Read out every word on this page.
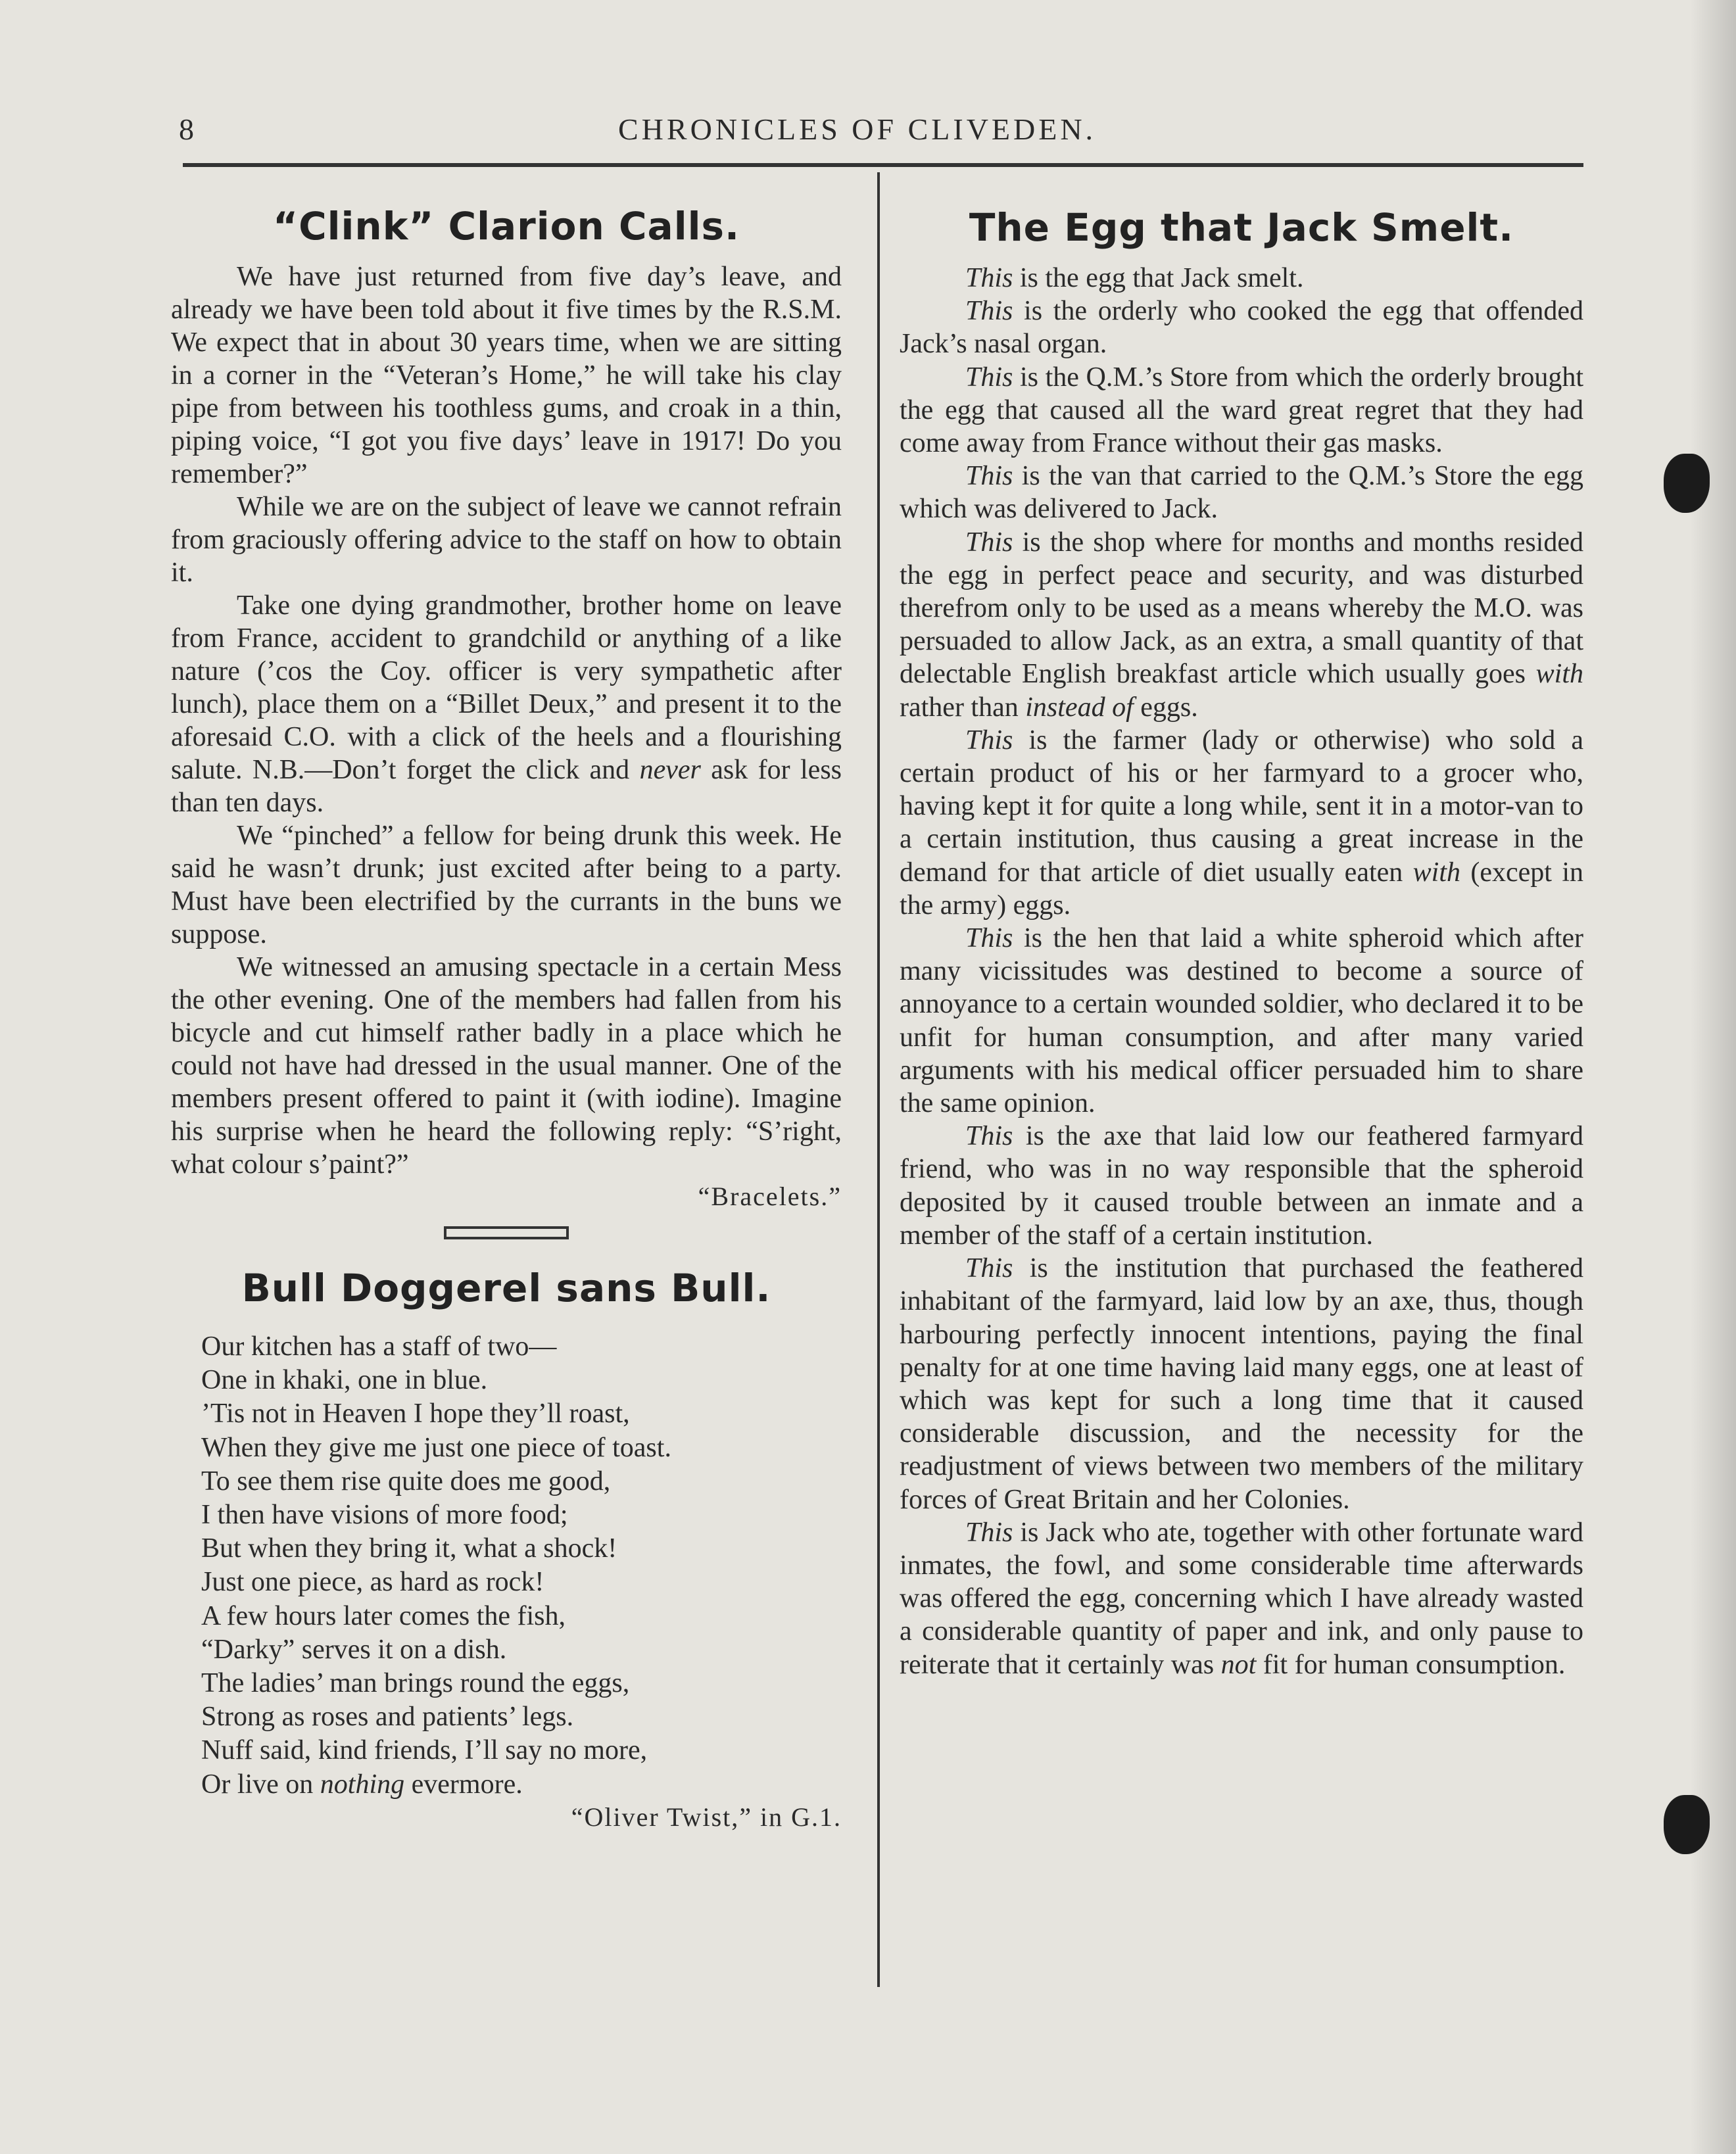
8	CHRONICLES OF CLIVEDEN.
“Clink” Clarion Calls.

We have just returned from five day’s leave, and already we have been told about it five times by the R.S.M. We expect that in about 30 years time, when we are sitting in a corner in the “Veteran’s Home,” he will take his clay pipe from between his toothless gums, and croak in a thin, piping voice, “I got you five days’ leave in 1917! Do you remember?”

While we are on the subject of leave we cannot refrain from graciously offering advice to the staff on how to obtain it.

Take one dying grandmother, brother home on leave from France, accident to grandchild or anything of a like nature (’cos the Coy. officer is very sympathetic after lunch), place them on a “Billet Deux,” and present it to the aforesaid C.O. with a click of the heels and a flourishing salute. N.B.—Don’t forget the click and never ask for less than ten days.

We “pinched” a fellow for being drunk this week. He said he wasn’t drunk; just excited after being to a party. Must have been electrified by the currants in the buns we suppose.

We witnessed an amusing spectacle in a certain Mess the other evening. One of the members had fallen from his bicycle and cut himself rather badly in a place which he could not have had dressed in the usual manner. One of the members present offered to paint it (with iodine). Imagine his surprise when he heard the following reply: “S’right, what colour s’paint?”

“Bracelets.”
Bull Doggerel sans Bull.
Our kitchen has a staff of two—
One in khaki, one in blue.
’Tis not in Heaven I hope they’ll roast,
When they give me just one piece of toast.
To see them rise quite does me good,
I then have visions of more food;
But when they bring it, what a shock!
Just one piece, as hard as rock!
A few hours later comes the fish,
“Darky” serves it on a dish.
The ladies’ man brings round the eggs,
Strong as roses and patients’ legs.
Nuff said, kind friends, I’ll say no more,
Or live on nothing evermore.
“Oliver Twist,” in G.1.
The Egg that Jack Smelt.

This is the egg that Jack smelt.

This is the orderly who cooked the egg that offended Jack’s nasal organ.

This is the Q.M.’s Store from which the orderly brought the egg that caused all the ward great regret that they had come away from France without their gas masks.

This is the van that carried to the Q.M.’s Store the egg which was delivered to Jack.

This is the shop where for months and months resided the egg in perfect peace and security, and was disturbed therefrom only to be used as a means whereby the M.O. was persuaded to allow Jack, as an extra, a small quantity of that delectable English breakfast article which usually goes with rather than instead of eggs.

This is the farmer (lady or otherwise) who sold a certain product of his or her farmyard to a grocer who, having kept it for quite a long while, sent it in a motor-van to a certain institution, thus causing a great increase in the demand for that article of diet usually eaten with (except in the army) eggs.

This is the hen that laid a white spheroid which after many vicissitudes was destined to become a source of annoyance to a certain wounded soldier, who declared it to be unfit for human consumption, and after many varied arguments with his medical officer persuaded him to share the same opinion.

This is the axe that laid low our feathered farmyard friend, who was in no way responsible that the spheroid deposited by it caused trouble between an inmate and a member of the staff of a certain institution.

This is the institution that purchased the feathered inhabitant of the farmyard, laid low by an axe, thus, though harbouring perfectly innocent intentions, paying the final penalty for at one time having laid many eggs, one at least of which was kept for such a long time that it caused considerable discussion, and the necessity for the readjustment of views between two members of the military forces of Great Britain and her Colonies.

This is Jack who ate, together with other fortunate ward inmates, the fowl, and some considerable time afterwards was offered the egg, concerning which I have already wasted a considerable quantity of paper and ink, and only pause to reiterate that it certainly was not fit for human consumption.
